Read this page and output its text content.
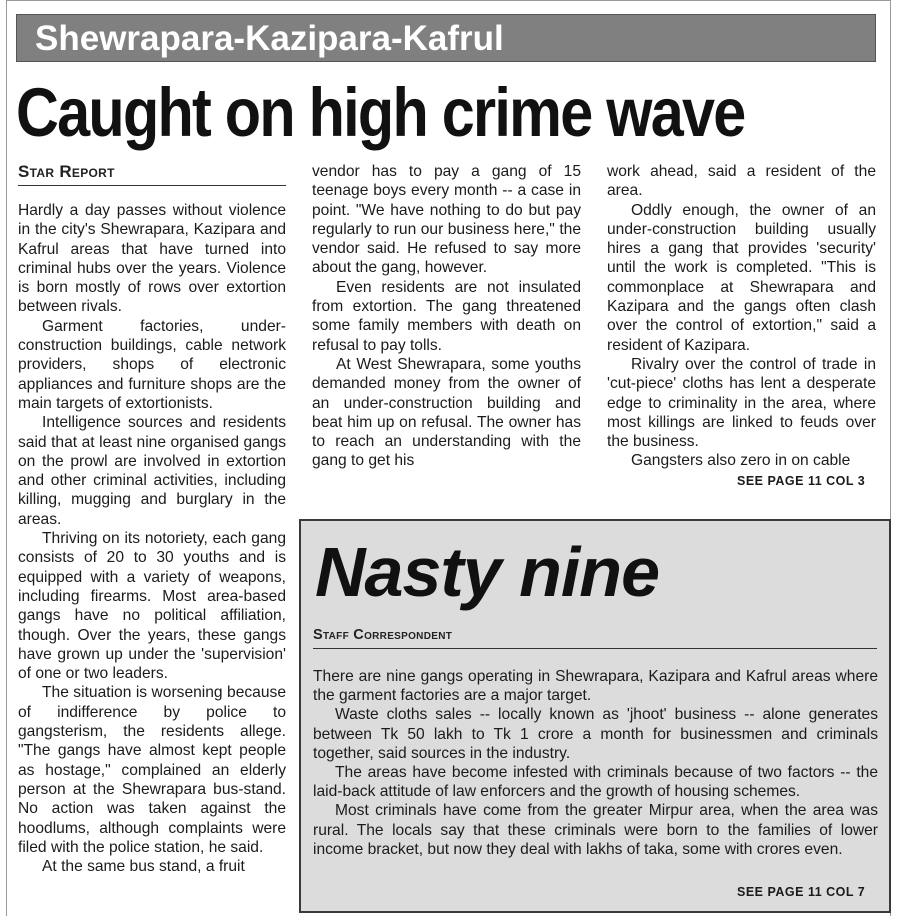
Shewrapara-Kazipara-Kafrul
Caught on high crime wave
Star Report

Hardly a day passes without violence in the city's Shewrapara, Kazipara and Kafrul areas that have turned into criminal hubs over the years. Violence is born mostly of rows over extortion between rivals.

Garment factories, under-construction buildings, cable network providers, shops of electronic appliances and furniture shops are the main targets of extortionists.

Intelligence sources and residents said that at least nine organised gangs on the prowl are involved in extortion and other criminal activities, including killing, mugging and burglary in the areas.

Thriving on its notoriety, each gang consists of 20 to 30 youths and is equipped with a variety of weapons, including firearms. Most area-based gangs have no political affiliation, though. Over the years, these gangs have grown up under the 'supervision' of one or two leaders.

The situation is worsening because of indifference by police to gangsterism, the residents allege. "The gangs have almost kept people as hostage," complained an elderly person at the Shewrapara bus-stand. No action was taken against the hoodlums, although complaints were filed with the police station, he said.

At the same bus stand, a fruit

vendor has to pay a gang of 15 teenage boys every month -- a case in point. "We have nothing to do but pay regularly to run our business here," the vendor said. He refused to say more about the gang, however.

Even residents are not insulated from extortion. The gang threatened some family members with death on refusal to pay tolls.

At West Shewrapara, some youths demanded money from the owner of an under-construction building and beat him up on refusal. The owner has to reach an understanding with the gang to get his

work ahead, said a resident of the area.

Oddly enough, the owner of an under-construction building usually hires a gang that provides 'security' until the work is completed. "This is commonplace at Shewrapara and Kazipara and the gangs often clash over the control of extortion," said a resident of Kazipara.

Rivalry over the control of trade in 'cut-piece' cloths has lent a desperate edge to criminality in the area, where most killings are linked to feuds over the business.

Gangsters also zero in on cable

SEE PAGE 11 COL 3
Nasty nine
Staff Correspondent

There are nine gangs operating in Shewrapara, Kazipara and Kafrul areas where the garment factories are a major target.

Waste cloths sales -- locally known as 'jhoot' business -- alone generates between Tk 50 lakh to Tk 1 crore a month for businessmen and criminals together, said sources in the industry.

The areas have become infested with criminals because of two factors -- the laid-back attitude of law enforcers and the growth of housing schemes.

Most criminals have come from the greater Mirpur area, when the area was rural. The locals say that these criminals were born to the families of lower income bracket, but now they deal with lakhs of taka, some with crores even.

SEE PAGE 11 COL 7
